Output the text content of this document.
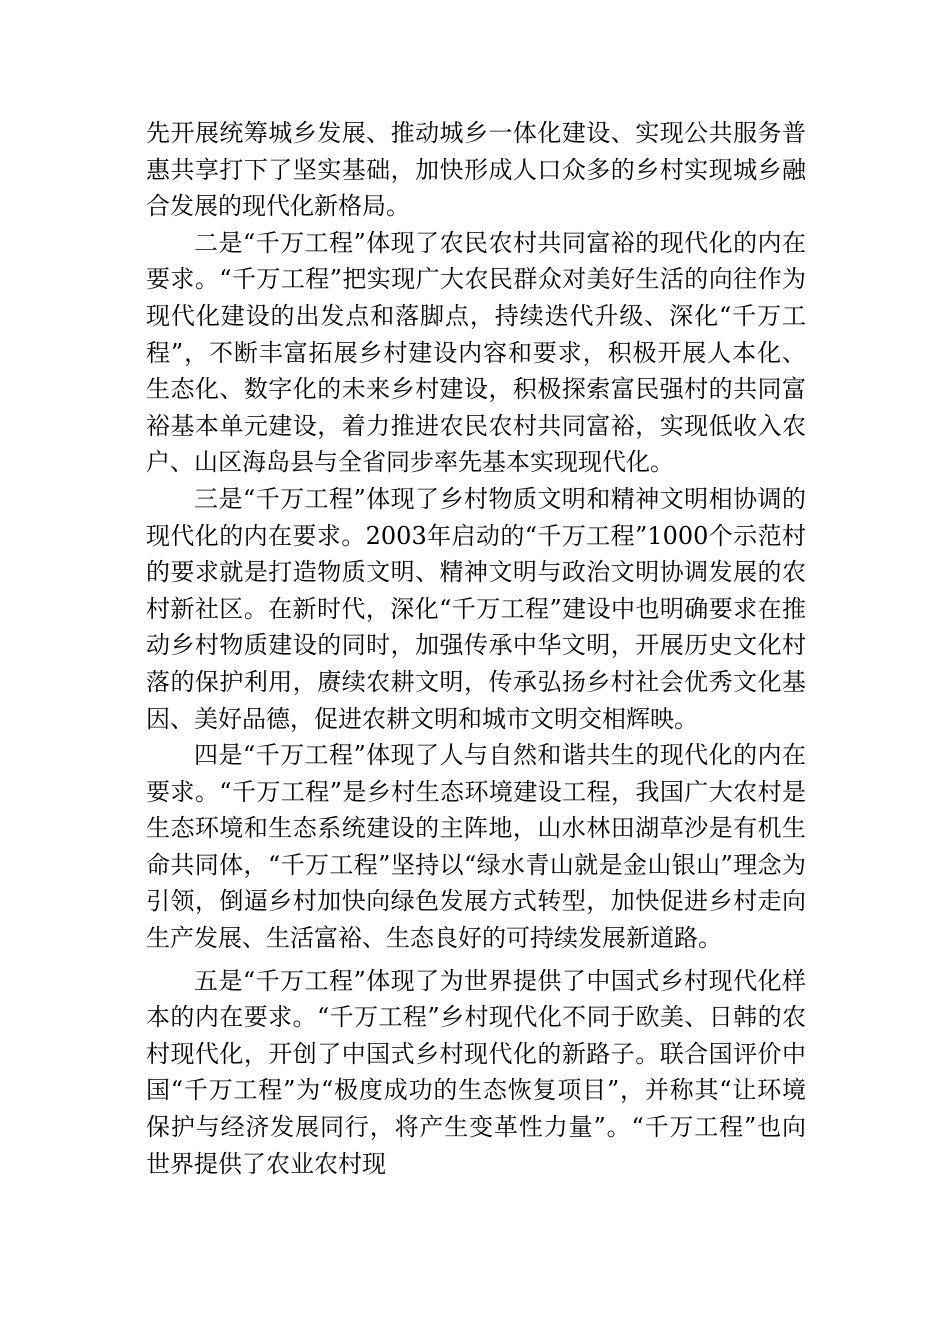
先开展统筹城乡发展、推动城乡一体化建设、实现公共服务普惠共享打下了坚实基础，加快形成人口众多的乡村实现城乡融合发展的现代化新格局。

二是“千万工程”体现了农民农村共同富裕的现代化的内在要求。“千万工程”把实现广大农民群众对美好生活的向往作为现代化建设的出发点和落脚点，持续迭代升级、深化“千万工程”，不断丰富拓展乡村建设内容和要求，积极开展人本化、生态化、数字化的未来乡村建设，积极探索富民强村的共同富裕基本单元建设，着力推进农民农村共同富裕，实现低收入农户、山区海岛县与全省同步率先基本实现现代化。

三是“千万工程”体现了乡村物质文明和精神文明相协调的现代化的内在要求。2003年启动的“千万工程”1000个示范村的要求就是打造物质文明、精神文明与政治文明协调发展的农村新社区。在新时代，深化“千万工程”建设中也明确要求在推动乡村物质建设的同时，加强传承中华文明，开展历史文化村落的保护利用，赓续农耕文明，传承弘扬乡村社会优秀文化基因、美好品德，促进农耕文明和城市文明交相辉映。

四是“千万工程”体现了人与自然和谐共生的现代化的内在要求。“千万工程”是乡村生态环境建设工程，我国广大农村是生态环境和生态系统建设的主阵地，山水林田湖草沙是有机生命共同体，“千万工程”坚持以“绿水青山就是金山银山”理念为引领，倒逼乡村加快向绿色发展方式转型，加快促进乡村走向生产发展、生活富裕、生态良好的可持续发展新道路。

五是“千万工程”体现了为世界提供了中国式乡村现代化样本的内在要求。“千万工程”乡村现代化不同于欧美、日韩的农村现代化，开创了中国式乡村现代化的新路子。联合国评价中国“千万工程”为“极度成功的生态恢复项目”，并称其“让环境保护与经济发展同行，将产生变革性力量”。“千万工程”也向世界提供了农业农村现
